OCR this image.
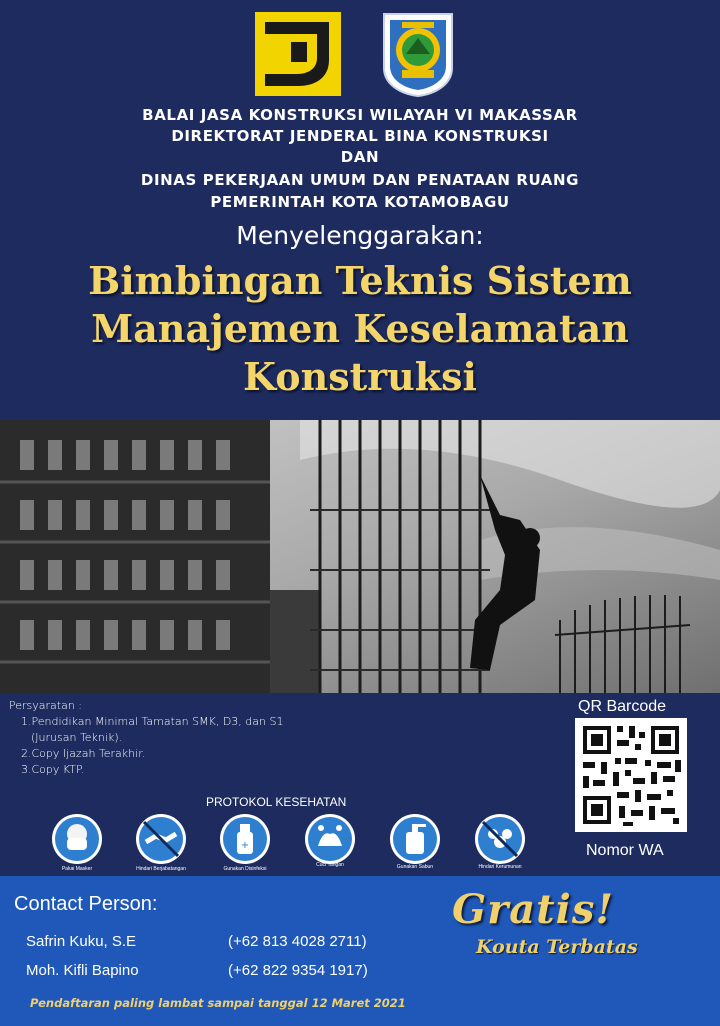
BALAI JASA KONSTRUKSI WILAYAH VI MAKASSAR
DIREKTORAT JENDERAL BINA KONSTRUKSI
DAN
DINAS PEKERJAAN UMUM DAN PENATAAN RUANG
PEMERINTAH KOTA KOTAMOBAGU
Menyelenggarakan:
Bimbingan Teknis Sistem
Manajemen Keselamatan
Konstruksi
Persyaratan :
1.Pendidikan Minimal Tamatan SMK, D3, dan S1
(Jurusan Teknik).
2.Copy Ijazah Terakhir.
3.Copy KTP.
PROTOKOL KESEHATAN
+
Pakai Masker	Hindari Berjabatangan	Gunakan Disinfeksi
Cuci Tangan	Gunakan Sabun	Hindari Kerumunan
QR Barcode
Nomor WA
Contact Person:
Safrin Kuku, S.E	(+62 813 4028 2711)
Moh. Kifli Bapino	(+62 822 9354 1917)
Gratis!
Kouta Terbatas
Pendaftaran paling lambat sampai tanggal 12 Maret 2021
